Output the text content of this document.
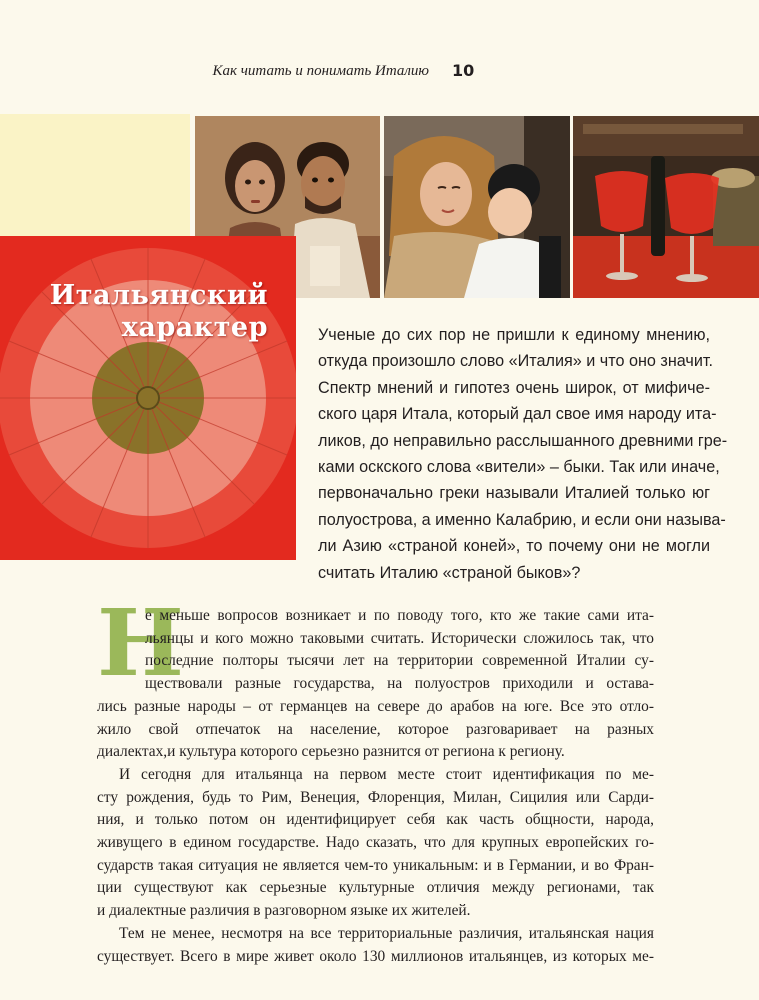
Как читать и понимать Италию 10
Итальянский
характер	Ученые до сих пор не пришли к единому мнению,
откуда произошло слово «Италия» и что оно значит.
Спектр мнений и гипотез очень широк, от мифиче-
ского царя Итала, который дал свое имя народу ита-
ликов, до неправильно расслышанного древними гре-
ками оскского слова «вители» – быки. Так или иначе,
первоначально греки называли Италией только юг
полуострова, а именно Калабрию, и если они называ-
ли Азию «страной коней», то почему они не могли
считать Италию «страной быков»?
Н
е меньше вопросов возникает и по поводу того, кто же такие сами ита-
льянцы и кого можно таковыми считать. Исторически сложилось так, что
последние полторы тысячи лет на территории современной Италии су-
ществовали разные государства, на полуостров приходили и остава-
лись разные народы – от германцев на севере до арабов на юге. Все это отло-
жило свой отпечаток на население, которое разговаривает на разных
диалектах,и культура которого серьезно разнится от региона к региону.
И сегодня для итальянца на первом месте стоит идентификация по ме-
сту рождения, будь то Рим, Венеция, Флоренция, Милан, Сицилия или Сарди-
ния, и только потом он идентифицирует себя как часть общности, народа,
живущего в едином государстве. Надо сказать, что для крупных европейских го-
сударств такая ситуация не является чем-то уникальным: и в Германии, и во Фран-
ции существуют как серьезные культурные отличия между регионами, так
и диалектные различия в разговорном языке их жителей.
Тем не менее, несмотря на все территориальные различия, итальянская нация
существует. Всего в мире живет около 130 миллионов итальянцев, из которых ме-
